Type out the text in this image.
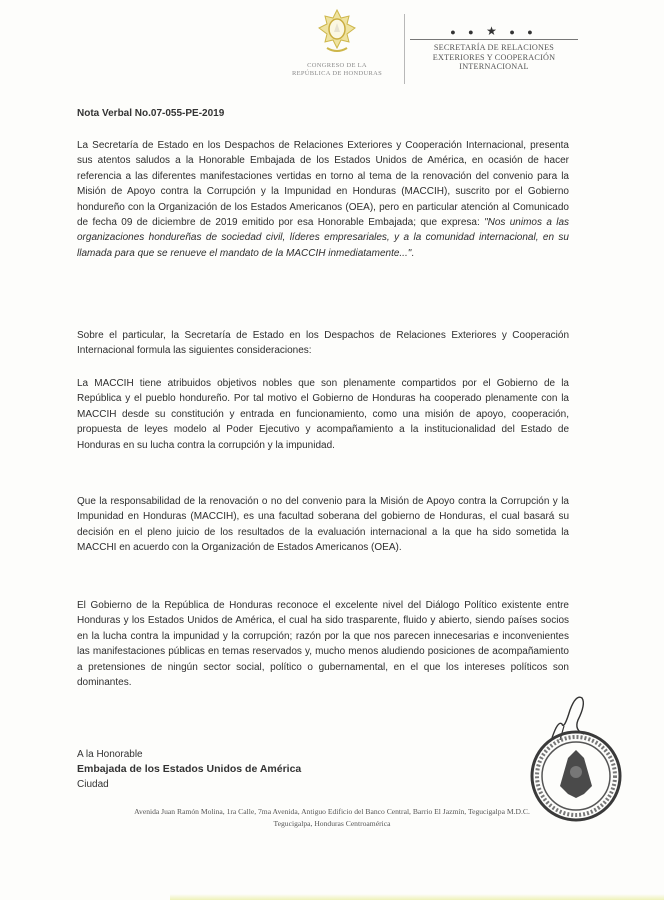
CONGRESO DE LA
REPÚBLICA DE HONDURAS
● ● ★ ● ●
SECRETARÍA DE RELACIONES
EXTERIORES Y COOPERACIÓN
INTERNACIONAL
Nota Verbal No.07-055-PE-2019
La Secretaría de Estado en los Despachos de Relaciones Exteriores y Cooperación Internacional, presenta sus atentos saludos a la Honorable Embajada de los Estados Unidos de América, en ocasión de hacer referencia a las diferentes manifestaciones vertidas en torno al tema de la renovación del convenio para la Misión de Apoyo contra la Corrupción y la Impunidad en Honduras (MACCIH), suscrito por el Gobierno hondureño con la Organización de los Estados Americanos (OEA), pero en particular atención al Comunicado de fecha 09 de diciembre de 2019 emitido por esa Honorable Embajada; que expresa: "Nos unimos a las organizaciones hondureñas de sociedad civil, líderes empresariales, y a la comunidad internacional, en su llamada para que se renueve el mandato de la MACCIH inmediatamente...".
Sobre el particular, la Secretaría de Estado en los Despachos de Relaciones Exteriores y Cooperación Internacional formula las siguientes consideraciones:
La MACCIH tiene atribuidos objetivos nobles que son plenamente compartidos por el Gobierno de la República y el pueblo hondureño. Por tal motivo el Gobierno de Honduras ha cooperado plenamente con la MACCIH desde su constitución y entrada en funcionamiento, como una misión de apoyo, cooperación, propuesta de leyes modelo al Poder Ejecutivo y acompañamiento a la institucionalidad del Estado de Honduras en su lucha contra la corrupción y la impunidad.
Que la responsabilidad de la renovación o no del convenio para la Misión de Apoyo contra la Corrupción y la Impunidad en Honduras (MACCIH), es una facultad soberana del gobierno de Honduras, el cual basará su decisión en el pleno juicio de los resultados de la evaluación internacional a la que ha sido sometida la MACCHI en acuerdo con la Organización de Estados Americanos (OEA).
El Gobierno de la República de Honduras reconoce el excelente nivel del Diálogo Político existente entre Honduras y los Estados Unidos de América, el cual ha sido trasparente, fluido y abierto, siendo países socios en la lucha contra la impunidad y la corrupción; razón por la que nos parecen innecesarias e inconvenientes las manifestaciones públicas en temas reservados y, mucho menos aludiendo posiciones de acompañamiento a pretensiones de ningún sector social, político o gubernamental, en el que los intereses políticos son dominantes.
A la Honorable
Embajada de los Estados Unidos de América
Ciudad
Avenida Juan Ramón Molina, 1ra Calle, 7ma Avenida, Antiguo Edificio del Banco Central, Barrio El Jazmín, Tegucigalpa M.D.C.
Tegucigalpa, Honduras Centroamérica
